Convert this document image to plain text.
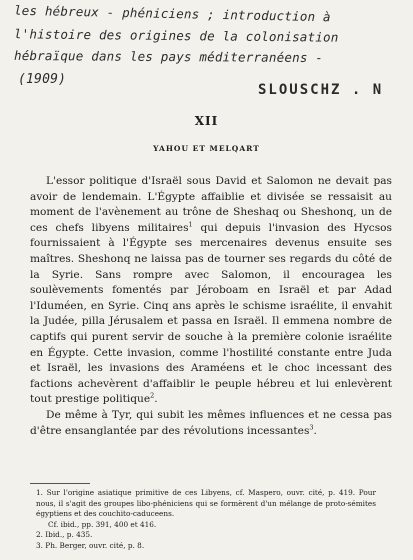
les hébreux - phéniciens ; introduction à
l'histoire des origines de la colonisation
hébraïque dans les pays méditerranéens -
(1909)
SLOUSCHZ . N
XII
YAHOU ET MELQART

L'essor politique d'Israël sous David et Salomon ne devait pas avoir de lendemain. L'Égypte affaiblie et divisée se ressaisit au moment de l'avènement au trône de Sheshaq ou Sheshonq, un de ces chefs libyens militaires$^1$ qui depuis l'invasion des Hycsos fournissaient à l'Égypte ses mercenaires devenus ensuite ses maîtres. Sheshonq ne laissa pas de tourner ses regards du côté de la Syrie. Sans rompre avec Salomon, il encouragea les soulèvements fomentés par Jéroboam en Israël et par Adad l'Iduméen, en Syrie. Cinq ans après le schisme israélite, il envahit la Judée, pilla Jérusalem et passa en Israël. Il emmena nombre de captifs qui purent servir de souche à la première colonie israélite en Égypte. Cette invasion, comme l'hostilité constante entre Juda et Israël, les invasions des Araméens et le choc incessant des factions achevèrent d'affaiblir le peuple hébreu et lui enlevèrent tout prestige politique$^2$.

De même à Tyr, qui subit les mêmes influences et ne cessa pas d'être ensanglantée par des révolutions incessantes$^3$.

1. Sur l'origine asiatique primitive de ces Libyens, cf. Maspero, ouvr. cité, p. 419. Pour nous, il s'agit des groupes libo-phéniciens qui se formèrent d'un mélange de proto-sémites égyptiens et des couchito-caduceens.

Cf. ibid., pp. 391, 400 et 416.

2. Ibid., p. 435.

3. Ph. Berger, ouvr. cité, p. 8.
